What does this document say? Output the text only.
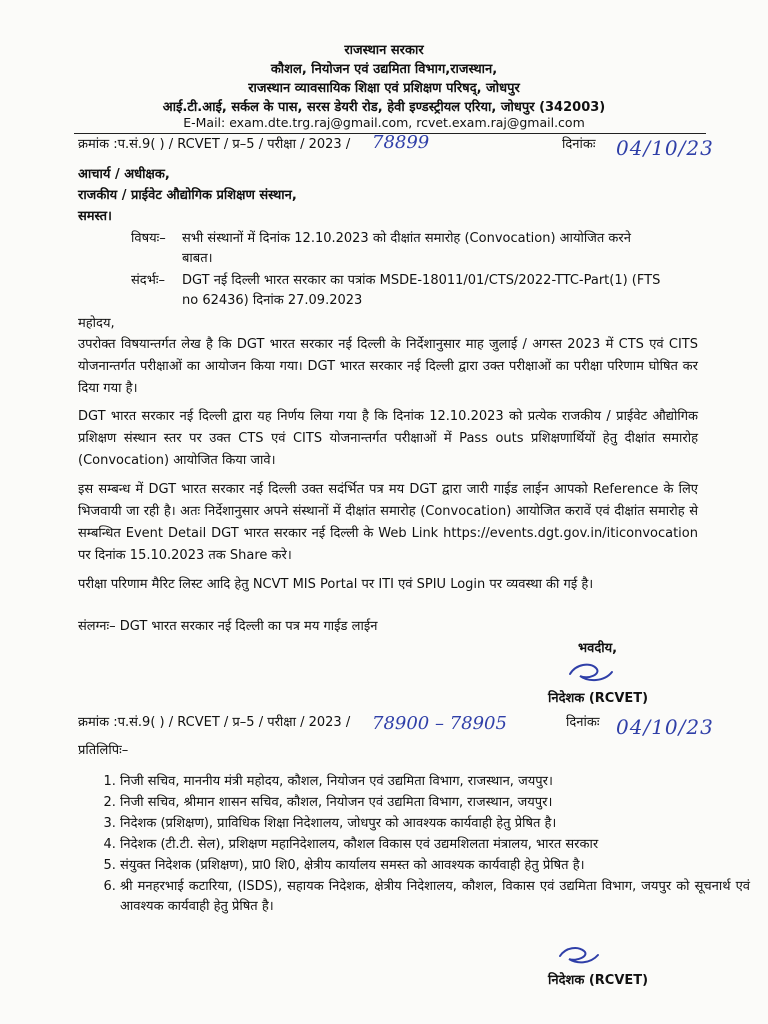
राजस्थान सरकार
कौशल, नियोजन एवं उद्यमिता विभाग,राजस्थान,
राजस्थान व्यावसायिक शिक्षा एवं प्रशिक्षण परिषद्, जोधपुर
आई.टी.आई, सर्कल के पास, सरस डेयरी रोड, हेवी इण्डस्ट्रीयल एरिया, जोधपुर (342003)
E-Mail: exam.dte.trg.raj@gmail.com, rcvet.exam.raj@gmail.com
क्रमांक :प.सं.9( ) / RCVET / प्र–5 / परीक्षा / 2023 / 78899	दिनांकः 04/10/23
आचार्य / अधीक्षक,
राजकीय / प्राईवेट औद्योगिक प्रशिक्षण संस्थान,
समस्त।
विषयः– सभी संस्थानों में दिनांक 12.10.2023 को दीक्षांत समारोह (Convocation) आयोजित करने
बाबत।
संदर्भः– DGT नई दिल्ली भारत सरकार का पत्रांक MSDE-18011/01/CTS/2022-TTC-Part(1) (FTS
no 62436) दिनांक 27.09.2023
महोदय,
उपरोक्त विषयान्तर्गत लेख है कि DGT भारत सरकार नई दिल्ली के निर्देशानुसार माह जुलाई / अगस्त 2023 में CTS एवं CITS योजनान्तर्गत परीक्षाओं का आयोजन किया गया। DGT भारत सरकार नई दिल्ली द्वारा उक्त परीक्षाओं का परीक्षा परिणाम घोषित कर दिया गया है।
DGT भारत सरकार नई दिल्ली द्वारा यह निर्णय लिया गया है कि दिनांक 12.10.2023 को प्रत्येक राजकीय / प्राईवेट औद्योगिक प्रशिक्षण संस्थान स्तर पर उक्त CTS एवं CITS योजनान्तर्गत परीक्षाओं में Pass outs प्रशिक्षणार्थियों हेतु दीक्षांत समारोह (Convocation) आयोजित किया जावे।
इस सम्बन्ध में DGT भारत सरकार नई दिल्ली उक्त सदंर्भित पत्र मय DGT द्वारा जारी गाईड लाईन आपको Reference के लिए भिजवायी जा रही है। अतः निर्देशानुसार अपने संस्थानों में दीक्षांत समारोह (Convocation) आयोजित करावें एवं दीक्षांत समारोह से सम्बन्धित Event Detail DGT भारत सरकार नई दिल्ली के Web Link https://events.dgt.gov.in/iticonvocation पर दिनांक 15.10.2023 तक Share करे।
परीक्षा परिणाम मैरिट लिस्ट आदि हेतु NCVT MIS Portal पर ITI एवं SPIU Login पर व्यवस्था की गई है।
संलग्नः– DGT भारत सरकार नई दिल्ली का पत्र मय गाईड लाईन
भवदीय,
निदेशक (RCVET)
क्रमांक :प.सं.9( ) / RCVET / प्र–5 / परीक्षा / 2023 / 78900 – 78905	दिनांकः 04/10/23
प्रतिलिपिः–
1. निजी सचिव, माननीय मंत्री महोदय, कौशल, नियोजन एवं उद्यमिता विभाग, राजस्थान, जयपुर।
2. निजी सचिव, श्रीमान शासन सचिव, कौशल, नियोजन एवं उद्यमिता विभाग, राजस्थान, जयपुर।
3. निदेशक (प्रशिक्षण), प्राविधिक शिक्षा निदेशालय, जोधपुर को आवश्यक कार्यवाही हेतु प्रेषित है।
4. निदेशक (टी.टी. सेल), प्रशिक्षण महानिदेशालय, कौशल विकास एवं उद्यमशिलता मंत्रालय, भारत सरकार
5. संयुक्त निदेशक (प्रशिक्षण), प्रा0 शि0, क्षेत्रीय कार्यालय समस्त को आवश्यक कार्यवाही हेतु प्रेषित है।
6. श्री मनहरभाई कटारिया, (ISDS), सहायक निदेशक, क्षेत्रीय निदेशालय, कौशल, विकास एवं उद्यमिता विभाग, जयपुर को सूचनार्थ एवं आवश्यक कार्यवाही हेतु प्रेषित है।
निदेशक (RCVET)
